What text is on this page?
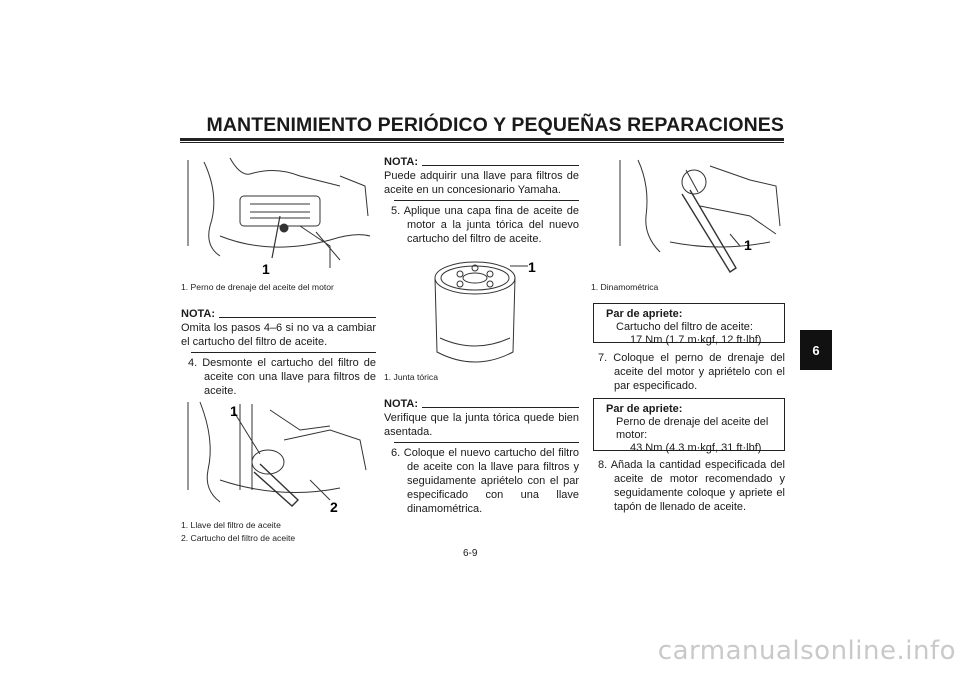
MANTENIMIENTO PERIÓDICO Y PEQUEÑAS REPARACIONES
6
1
1. Perno de drenaje del aceite del motor
NOTA:
Omita los pasos 4–6 si no va a cambiar el cartucho del filtro de aceite.
4. Desmonte el cartucho del filtro de aceite con una llave para filtros de aceite.
1
2
1. Llave del filtro de aceite
2. Cartucho del filtro de aceite
NOTA:
Puede adquirir una llave para filtros de aceite en un concesionario Yamaha.
5. Aplique una capa fina de aceite de motor a la junta tórica del nuevo cartucho del filtro de aceite.
1
1. Junta tórica
NOTA:
Verifique que la junta tórica quede bien asentada.
6. Coloque el nuevo cartucho del filtro de aceite con la llave para filtros y seguidamente apriételo con el par especificado con una llave dinamométrica.
1
1. Dinamométrica
Par de apriete:
Cartucho del filtro de aceite:
17 Nm (1.7 m·kgf, 12 ft·lbf)
7. Coloque el perno de drenaje del aceite del motor y apriételo con el par especificado.
Par de apriete:
Perno de drenaje del aceite del motor:
43 Nm (4.3 m·kgf, 31 ft·lbf)
8. Añada la cantidad especificada del aceite de motor recomendado y seguidamente coloque y apriete el tapón de llenado de aceite.
6-9
carmanualsonline.info
